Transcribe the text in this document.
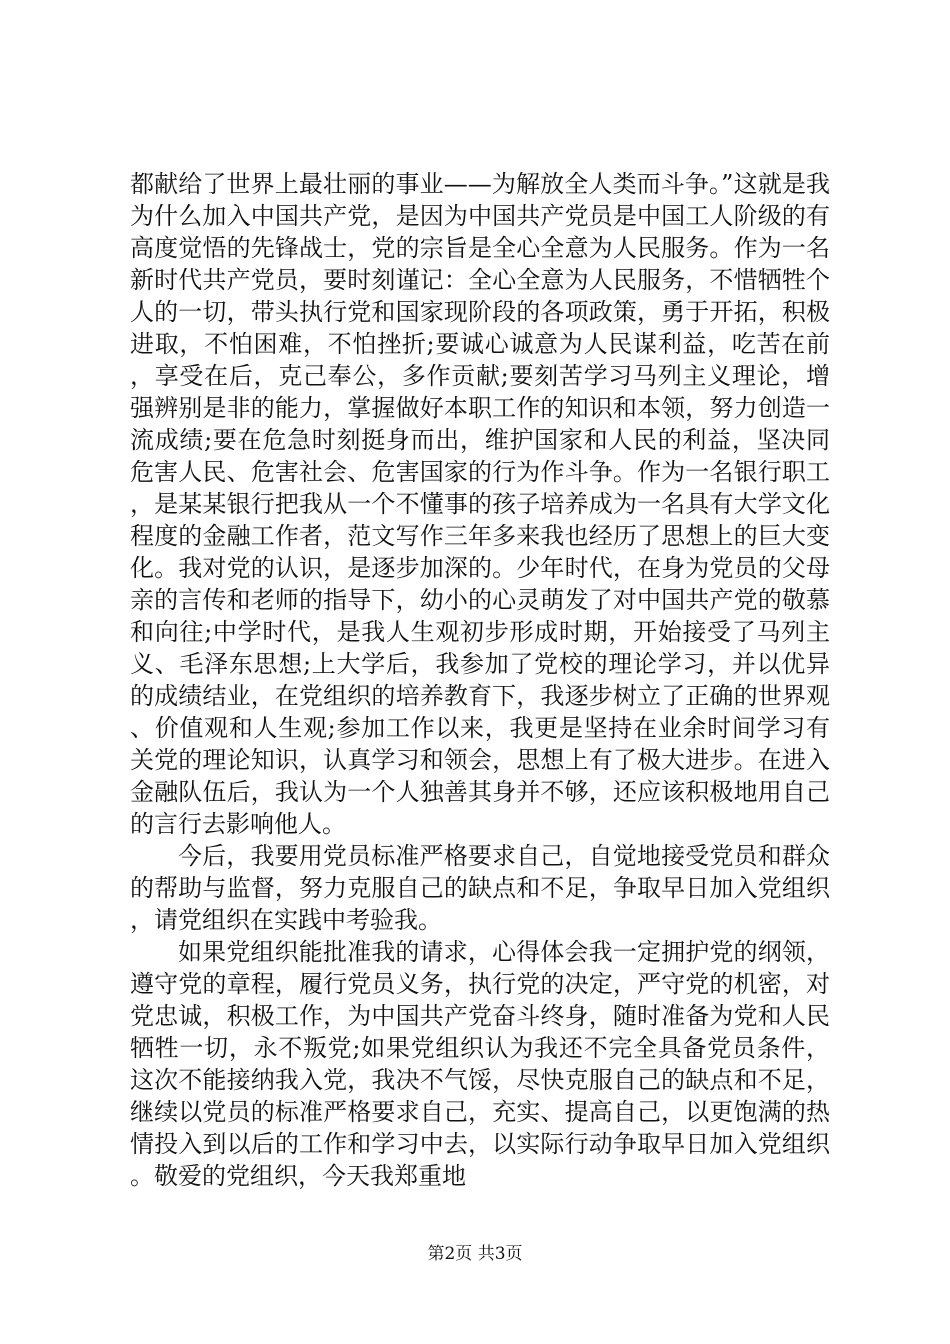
都献给了世界上最壮丽的事业——为解放全人类而斗争。”这就是我为什么加入中国共产党，是因为中国共产党员是中国工人阶级的有高度觉悟的先锋战士，党的宗旨是全心全意为人民服务。作为一名新时代共产党员，要时刻谨记：全心全意为人民服务，不惜牺牲个人的一切，带头执行党和国家现阶段的各项政策，勇于开拓，积极进取，不怕困难，不怕挫折;要诚心诚意为人民谋利益，吃苦在前，享受在后，克己奉公，多作贡献;要刻苦学习马列主义理论，增强辨别是非的能力，掌握做好本职工作的知识和本领，努力创造一流成绩;要在危急时刻挺身而出，维护国家和人民的利益，坚决同危害人民、危害社会、危害国家的行为作斗争。作为一名银行职工，是某某银行把我从一个不懂事的孩子培养成为一名具有大学文化程度的金融工作者，范文写作三年多来我也经历了思想上的巨大变化。我对党的认识，是逐步加深的。少年时代，在身为党员的父母亲的言传和老师的指导下，幼小的心灵萌发了对中国共产党的敬慕和向往;中学时代，是我人生观初步形成时期，开始接受了马列主义、毛泽东思想;上大学后，我参加了党校的理论学习，并以优异的成绩结业，在党组织的培养教育下，我逐步树立了正确的世界观、价值观和人生观;参加工作以来，我更是坚持在业余时间学习有关党的理论知识，认真学习和领会，思想上有了极大进步。在进入金融队伍后，我认为一个人独善其身并不够，还应该积极地用自己的言行去影响他人。

今后，我要用党员标准严格要求自己，自觉地接受党员和群众的帮助与监督，努力克服自己的缺点和不足，争取早日加入党组织，请党组织在实践中考验我。

如果党组织能批准我的请求，心得体会我一定拥护党的纲领，遵守党的章程，履行党员义务，执行党的决定，严守党的机密，对党忠诚，积极工作，为中国共产党奋斗终身，随时准备为党和人民牺牲一切，永不叛党;如果党组织认为我还不完全具备党员条件，这次不能接纳我入党，我决不气馁，尽快克服自己的缺点和不足，继续以党员的标准严格要求自己，充实、提高自己，以更饱满的热情投入到以后的工作和学习中去，以实际行动争取早日加入党组织。敬爱的党组织，今天我郑重地

第2页 共3页
